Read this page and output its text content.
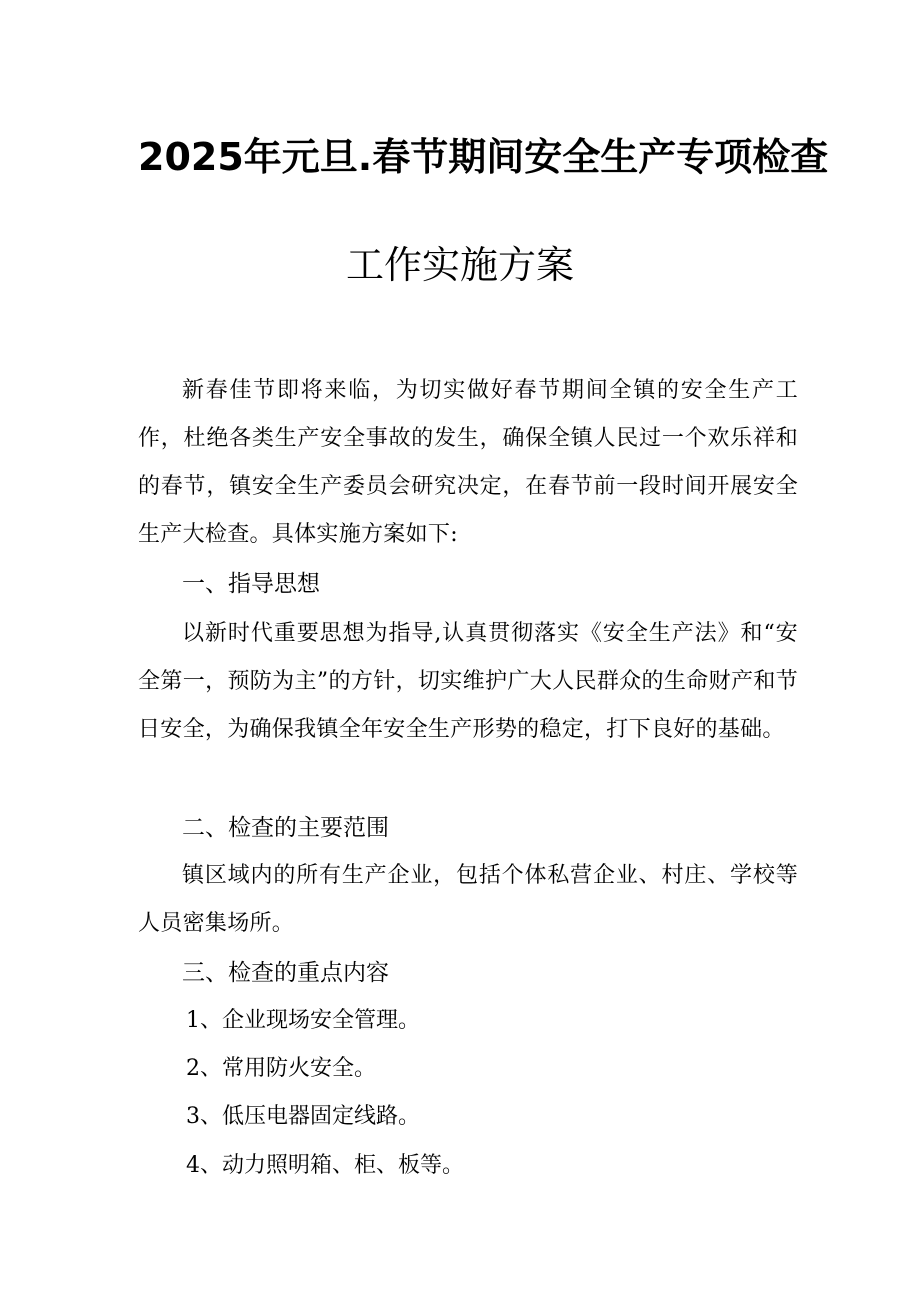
2025年元旦.春节期间安全生产专项检查
工作实施方案
新春佳节即将来临，为切实做好春节期间全镇的安全生产工作，杜绝各类生产安全事故的发生，确保全镇人民过一个欢乐祥和的春节，镇安全生产委员会研究决定，在春节前一段时间开展安全生产大检查。具体实施方案如下:
一、指导思想
以新时代重要思想为指导,认真贯彻落实《安全生产法》和“安全第一，预防为主”的方针，切实维护广大人民群众的生命财产和节日安全，为确保我镇全年安全生产形势的稳定，打下良好的基础。
二、检查的主要范围
镇区域内的所有生产企业，包括个体私营企业、村庄、学校等人员密集场所。
三、检查的重点内容
1、企业现场安全管理。
2、常用防火安全。
3、低压电器固定线路。
4、动力照明箱、柜、板等。
